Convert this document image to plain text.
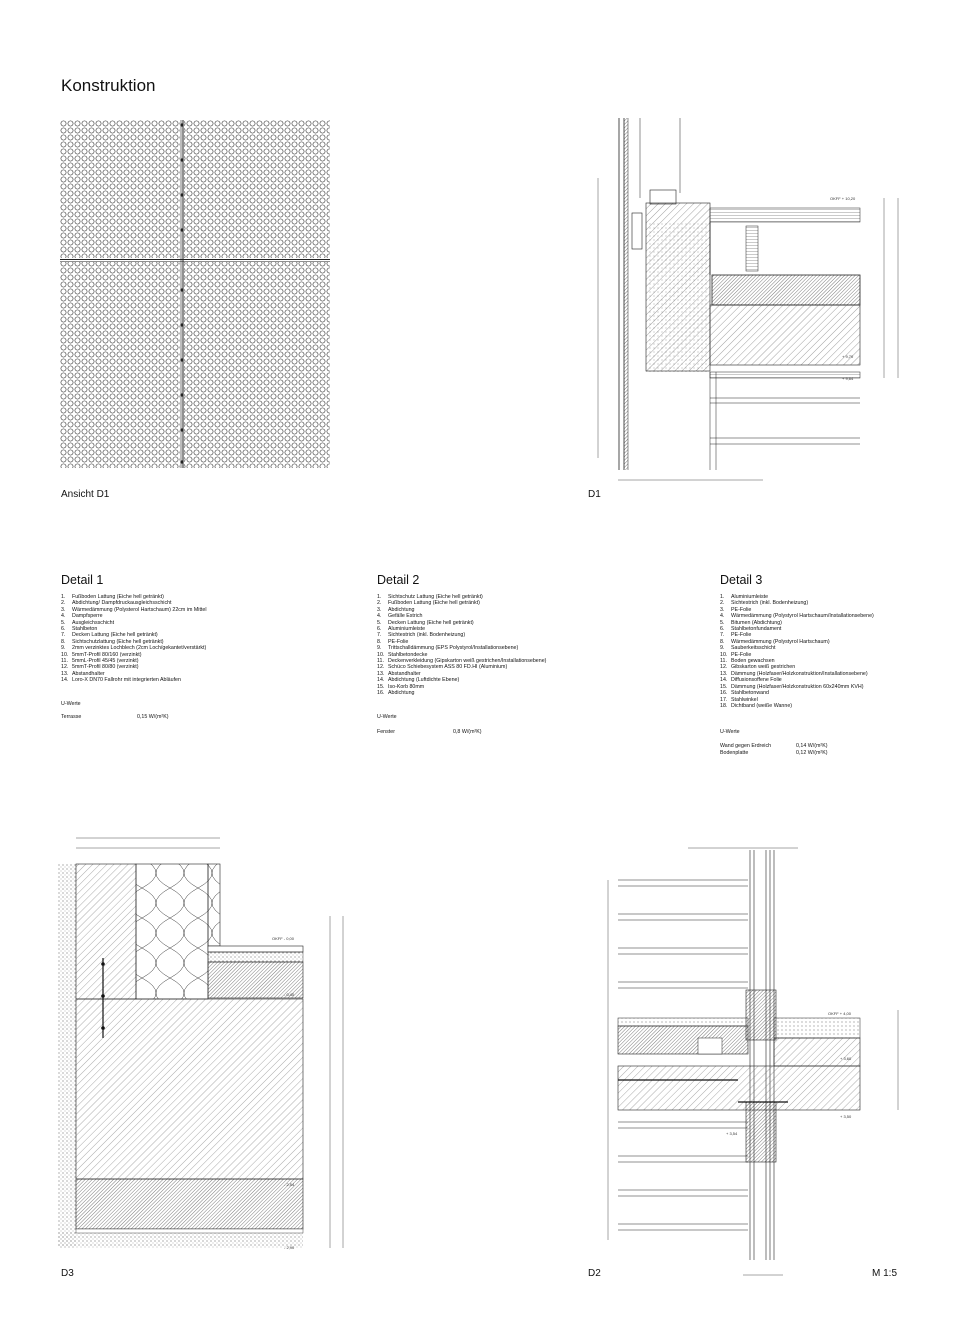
Konstruktion
Ansicht D1
OKFF + 10,20
+ 9,70
+ 9,64
D1
Detail 1
1. Fußboden Lattung (Eiche hell getränkt)
2. Abdichtung/ Dampfdruckausgleichsschicht
3. Wärmedämmung (Polysterol Hartschaum) 22cm im Mittel
4. Dampfsperre
5. Ausgleichsschicht
6. Stahlbeton
7. Decken Lattung (Eiche hell getränkt)
8. Sichtschutzlattung (Eiche hell getränkt)
9. 2mm verzinktes Lochblech (2cm Loch/gekantet/verstärkt)
10. 5mmT-Profil 80/160 (verzinkt)
11. 5mmL-Profil 45/45 (verzinkt)
12. 5mmT-Profil 80/80 (verzinkt)
13. Abstandhalter
14. Loro-X DN70 Fallrohr mit integrierten Abläufen
U-Werte
Terrasse	0,15 W/(m²K)
Detail 2
1. Sichtschutz Lattung (Eiche hell getränkt)
2. Fußboden Lattung (Eiche hell getränkt)
3. Abdichtung
4. Gefälle Estrich
5. Decken Lattung (Eiche hell getränkt)
6. Aluminiumleiste
7. Sichtestrich (inkl. Bodenheizung)
8. PE-Folie
9. Trittschalldämmung (EPS Polystyrol/Installationsebene)
10. Stahlbetondecke
11. Deckenverkleidung (Gipskarton weiß gestrichen/Installationsebene)
12. Schüco Schiebesystem ASS 80 FD.HI (Aluminium)
13. Abstandhalter
14. Abdichtung (Luftdichte Ebene)
15. Iso-Korb 80mm
16. Abdichtung
U-Werte
Fenster	0,8 W/(m²K)
Detail 3
1. Aluminiumleiste
2. Sichtestrich (inkl. Bodenheizung)
3. PE-Folie
4. Wärmedämmung (Polystyrol Hartschaum/Installationsebene)
5. Bitumen (Abdichtung)
6. Stahlbetonfundament
7. PE-Folie
8. Wärmedämmung (Polystyrol Hartschaum)
9. Sauberkeitsschicht
10. PE-Folie
11. Boden gewachsen
12. Gibskarton weiß gestrichen
13. Dämmung (Holzfaser/Holzkonstruktion/Installationsebene)
14. Diffusionsoffene Folie
15. Dämmung (Holzfaser/Holzkonstruktion 60x240mm KVH)
16. Stahlbetonwand
17. Stahlwinkel
18. Dichtband (weiße Wanne)
U-Werte
Wand gegen Erdreich	0,14 W/(m²K)
Bodenplatte	0,12 W/(m²K)
OKFF - 0,00
- 0,40
- 2,54
- 2,90
D3
OKFF + 4,00
+ 3,60
+ 3,54
+ 3,50
D2	M 1:5
